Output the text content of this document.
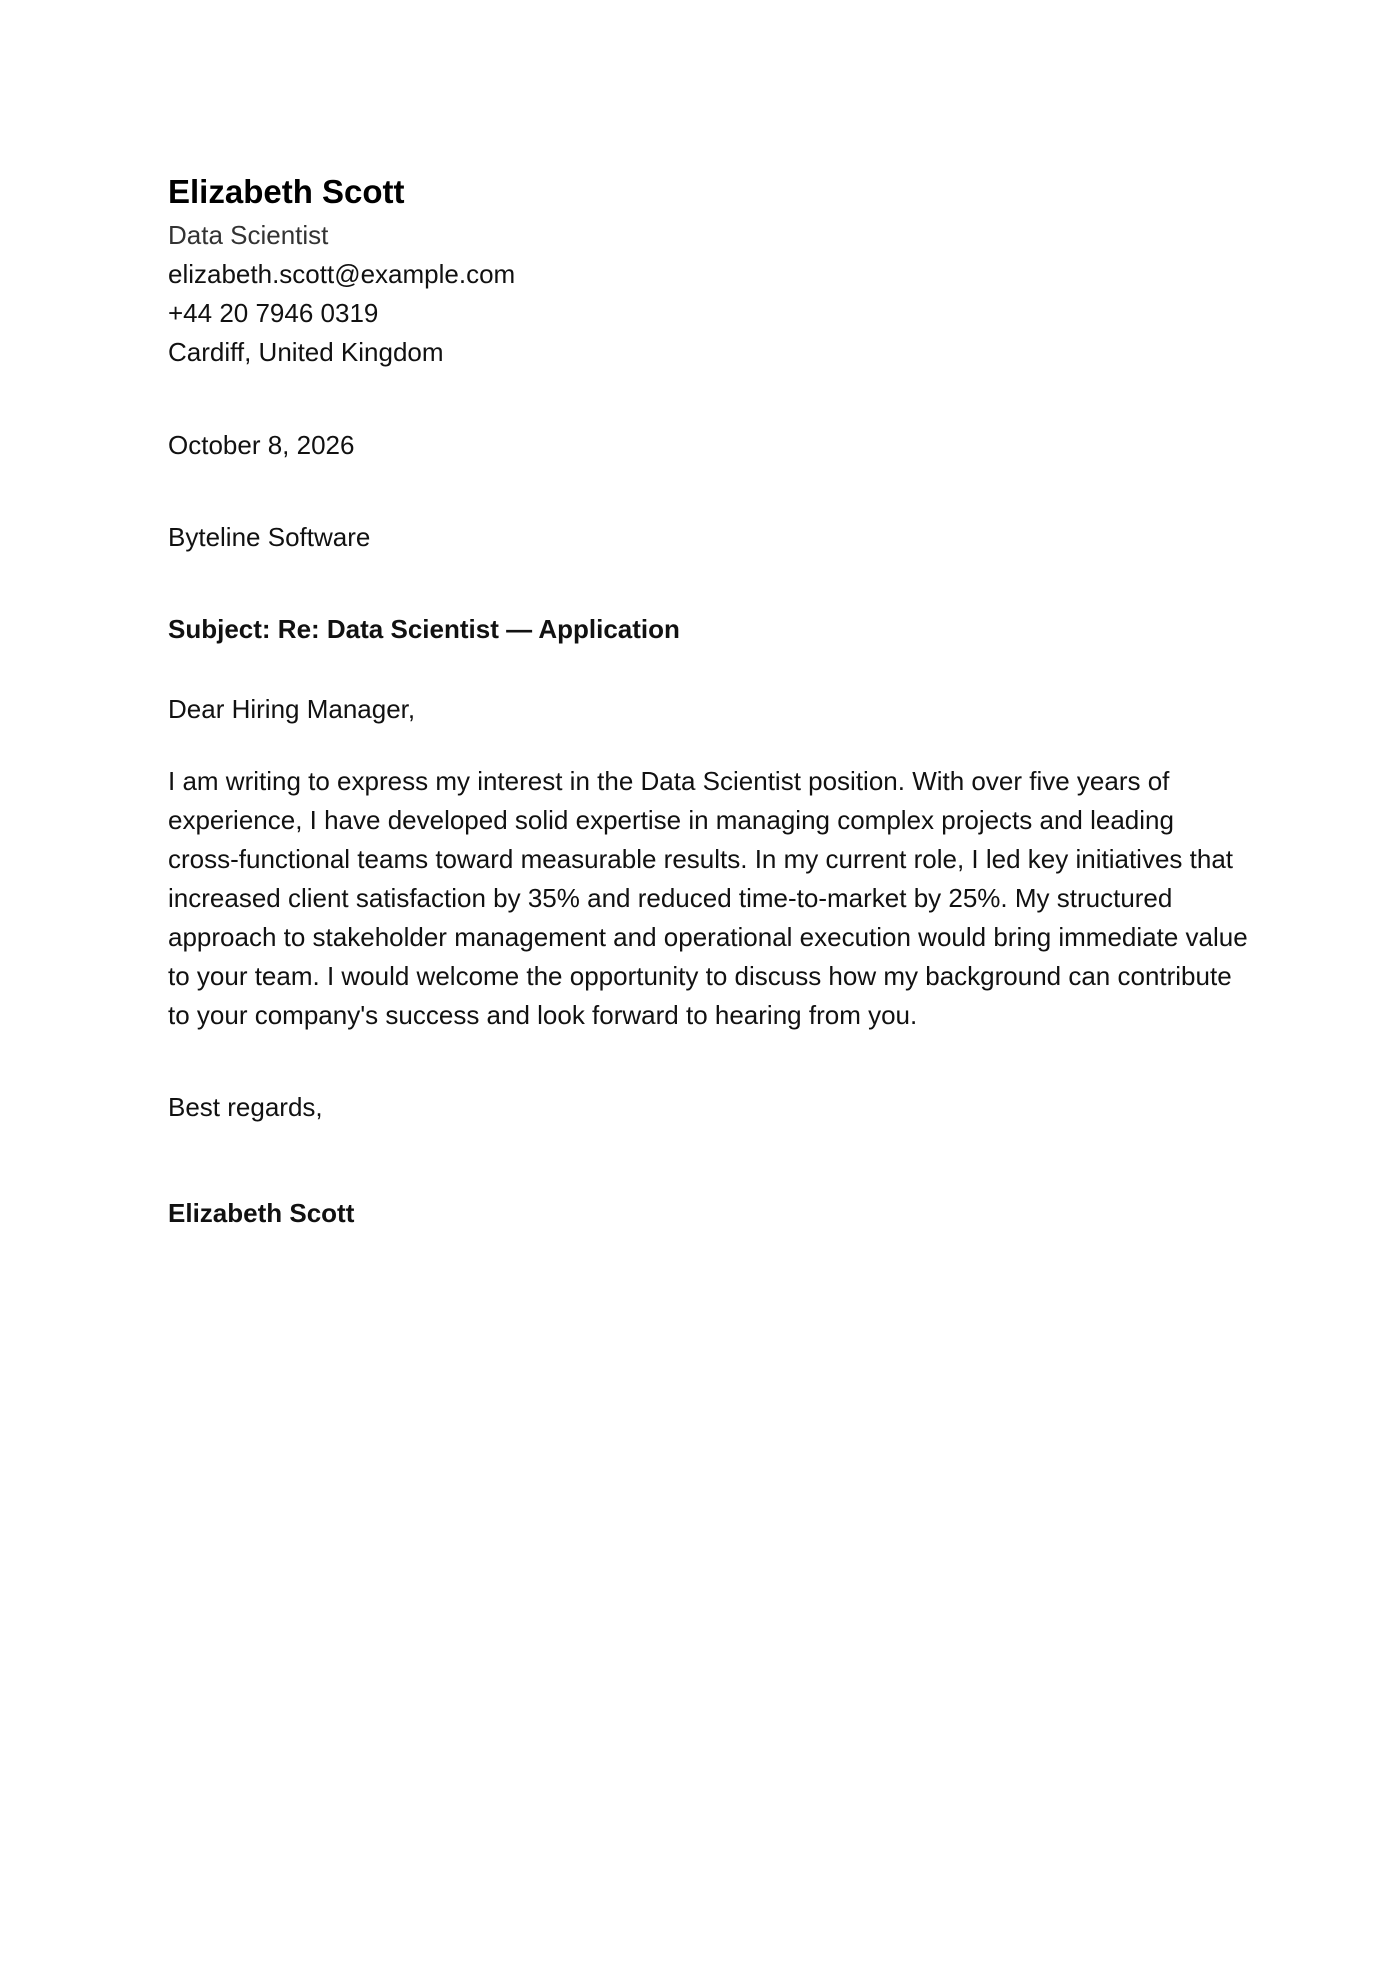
Elizabeth Scott
Data Scientist
elizabeth.scott@example.com
+44 20 7946 0319
Cardiff, United Kingdom
October 8, 2026
Byteline Software
Subject: Re: Data Scientist — Application
Dear Hiring Manager,

I am writing to express my interest in the Data Scientist position. With over five years of experience, I have developed solid expertise in managing complex projects and leading cross-functional teams toward measurable results. In my current role, I led key initiatives that increased client satisfaction by 35% and reduced time-to-market by 25%. My structured approach to stakeholder management and operational execution would bring immediate value to your team. I would welcome the opportunity to discuss how my background can contribute to your company's success and look forward to hearing from you.

Best regards,
Elizabeth Scott
